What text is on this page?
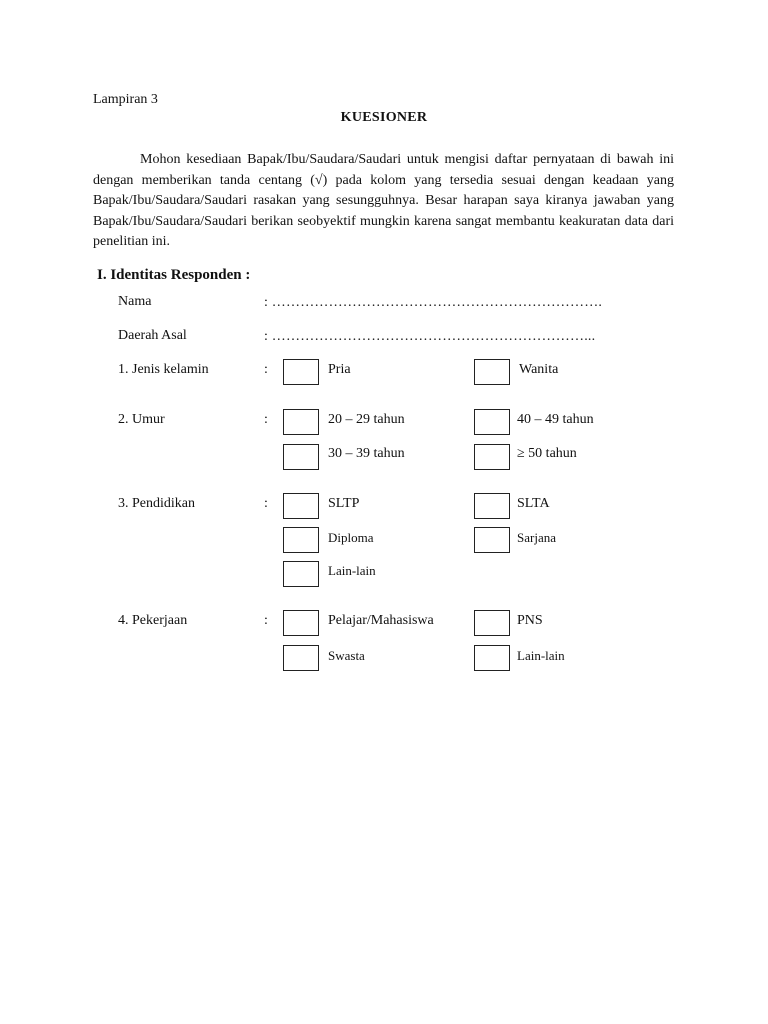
Lampiran 3
KUESIONER

Mohon kesediaan Bapak/Ibu/Saudara/Saudari untuk mengisi daftar pernyataan di bawah ini dengan memberikan tanda centang (√) pada kolom yang tersedia sesuai dengan keadaan yang Bapak/Ibu/Saudara/Saudari rasakan yang sesungguhnya. Besar harapan saya kiranya jawaban yang Bapak/Ibu/Saudara/Saudari berikan seobyektif mungkin karena sangat membantu keakuratan data dari penelitian ini.

I. Identitas Responden :
Nama	: …………………………………………………………….
Daerah Asal	: …………………………………………………………...
1. Jenis kelamin	:	Pria	Wanita
2. Umur	:	20 – 29 tahun	40 – 49 tahun
30 – 39 tahun	≥ 50 tahun
3. Pendidikan	:	SLTP	SLTA
Diploma	Sarjana
Lain-lain
4. Pekerjaan	:	Pelajar/Mahasiswa	PNS
Swasta	Lain-lain
